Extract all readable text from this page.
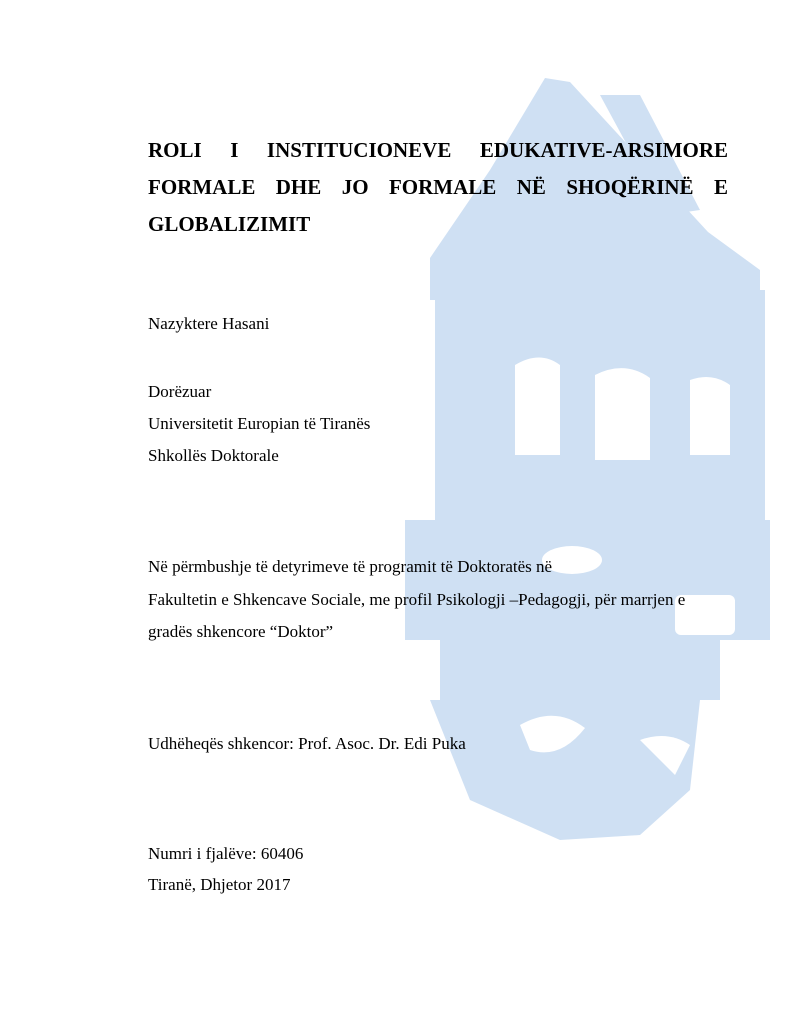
ROLI I INSTITUCIONEVE EDUKATIVE-ARSIMORE
FORMALE DHE JO FORMALE NË SHOQËRINË E
GLOBALIZIMIT
Nazyktere Hasani
Dorëzuar
Universitetit Europian të Tiranës
Shkollës Doktorale
Në përmbushje të detyrimeve të programit të Doktoratës në
Fakultetin e Shkencave Sociale, me profil Psikologji –Pedagogji, për marrjen e
gradës shkencore “Doktor”
Udhëheqës shkencor: Prof. Asoc. Dr. Edi Puka
Numri i fjalëve: 60406
Tiranë, Dhjetor 2017
